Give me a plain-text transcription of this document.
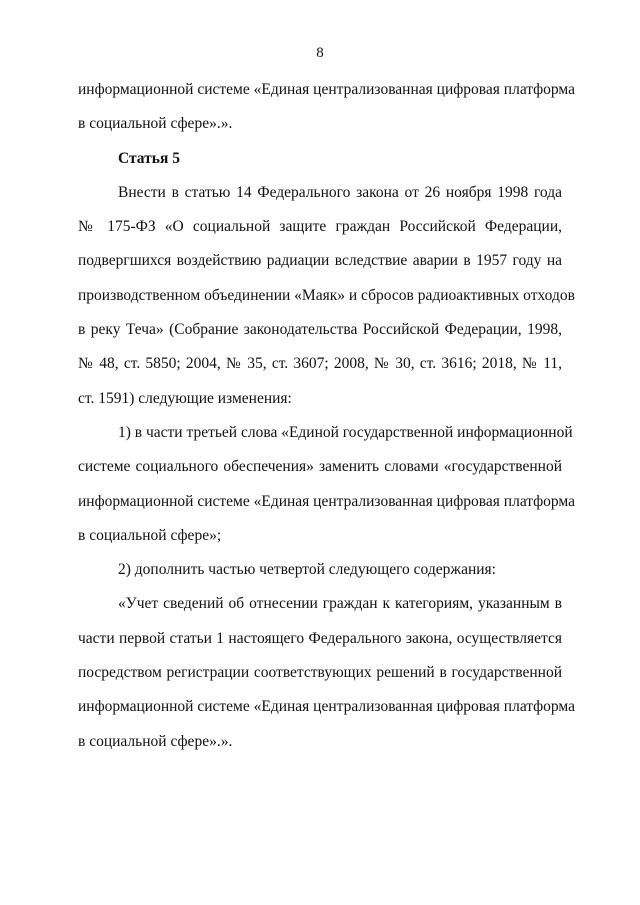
8
информационной системе «Единая централизованная цифровая платформа
в социальной сфере».».
Статья 5
Внести в статью 14 Федерального закона от 26 ноября 1998 года
№ 175-ФЗ «О социальной защите граждан Российской Федерации,
подвергшихся воздействию радиации вследствие аварии в 1957 году на
производственном объединении «Маяк» и сбросов радиоактивных отходов
в реку Теча» (Собрание законодательства Российской Федерации, 1998,
№ 48, ст. 5850; 2004, № 35, ст. 3607; 2008, № 30, ст. 3616; 2018, № 11,
ст. 1591) следующие изменения:
1) в части третьей слова «Единой государственной информационной
системе социального обеспечения» заменить словами «государственной
информационной системе «Единая централизованная цифровая платформа
в социальной сфере»;
2) дополнить частью четвертой следующего содержания:
«Учет сведений об отнесении граждан к категориям, указанным в
части первой статьи 1 настоящего Федерального закона, осуществляется
посредством регистрации соответствующих решений в государственной
информационной системе «Единая централизованная цифровая платформа
в социальной сфере».».
